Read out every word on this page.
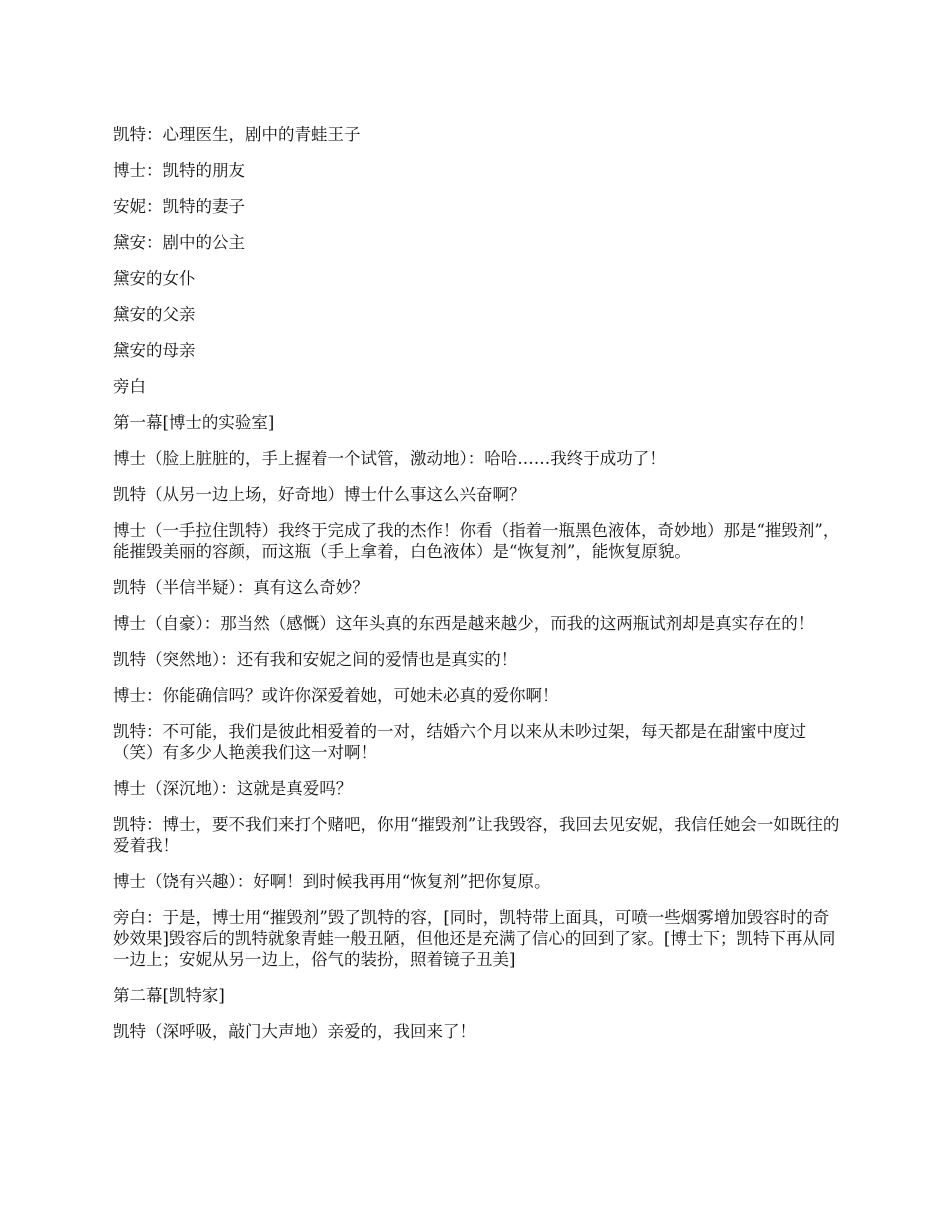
凯特：心理医生，剧中的青蛙王子

博士：凯特的朋友

安妮：凯特的妻子

黛安：剧中的公主

黛安的女仆

黛安的父亲

黛安的母亲

旁白

第一幕[博士的实验室]

博士（脸上脏脏的，手上握着一个试管，激动地）：哈哈……我终于成功了！

凯特（从另一边上场，好奇地）博士什么事这么兴奋啊？

博士（一手拉住凯特）我终于完成了我的杰作！你看（指着一瓶黑色液体，奇妙地）那是“摧毁剂”，能摧毁美丽的容颜，而这瓶（手上拿着，白色液体）是“恢复剂”，能恢复原貌。

凯特（半信半疑）：真有这么奇妙？

博士（自豪）：那当然（感慨）这年头真的东西是越来越少，而我的这两瓶试剂却是真实存在的！

凯特（突然地）：还有我和安妮之间的爱情也是真实的！

博士：你能确信吗？或许你深爱着她，可她未必真的爱你啊！

凯特：不可能，我们是彼此相爱着的一对，结婚六个月以来从未吵过架，每天都是在甜蜜中度过（笑）有多少人艳羡我们这一对啊！

博士（深沉地）：这就是真爱吗？

凯特：博士，要不我们来打个赌吧，你用“摧毁剂”让我毁容，我回去见安妮，我信任她会一如既往的爱着我！

博士（饶有兴趣）：好啊！到时候我再用“恢复剂”把你复原。

旁白：于是，博士用“摧毁剂”毁了凯特的容，[同时，凯特带上面具，可喷一些烟雾增加毁容时的奇妙效果]毁容后的凯特就象青蛙一般丑陋，但他还是充满了信心的回到了家。[博士下；凯特下再从同一边上；安妮从另一边上，俗气的装扮，照着镜子丑美]

第二幕[凯特家]

凯特（深呼吸，敲门大声地）亲爱的，我回来了！
